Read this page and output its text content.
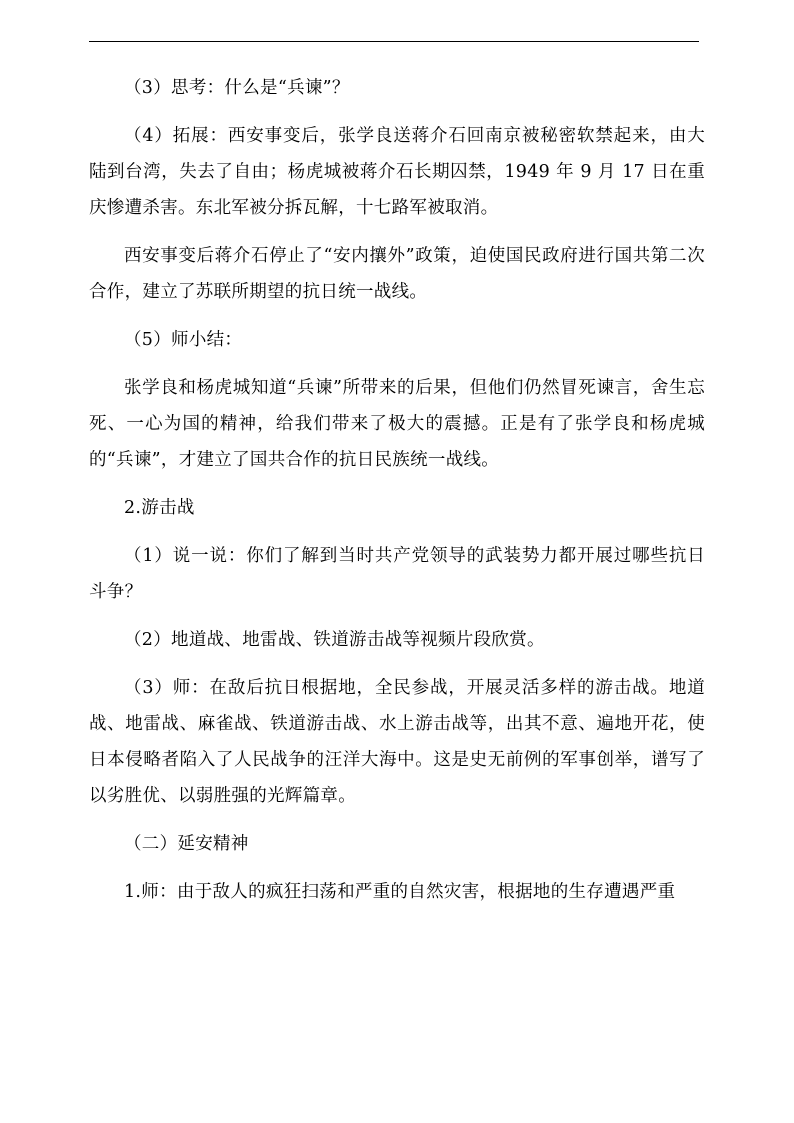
（3）思考：什么是“兵谏”？

（4）拓展：西安事变后，张学良送蒋介石回南京被秘密软禁起来，由大陆到台湾，失去了自由；杨虎城被蒋介石长期囚禁，1949 年 9 月 17 日在重庆惨遭杀害。东北军被分拆瓦解，十七路军被取消。

西安事变后蒋介石停止了“安内攘外”政策，迫使国民政府进行国共第二次合作，建立了苏联所期望的抗日统一战线。

（5）师小结：

张学良和杨虎城知道“兵谏”所带来的后果，但他们仍然冒死谏言，舍生忘死、一心为国的精神，给我们带来了极大的震撼。正是有了张学良和杨虎城的“兵谏”，才建立了国共合作的抗日民族统一战线。

2.游击战

（1）说一说：你们了解到当时共产党领导的武装势力都开展过哪些抗日斗争？

（2）地道战、地雷战、铁道游击战等视频片段欣赏。

（3）师：在敌后抗日根据地，全民参战，开展灵活多样的游击战。地道战、地雷战、麻雀战、铁道游击战、水上游击战等，出其不意、遍地开花，使日本侵略者陷入了人民战争的汪洋大海中。这是史无前例的军事创举，谱写了以劣胜优、以弱胜强的光辉篇章。

（二）延安精神

1.师：由于敌人的疯狂扫荡和严重的自然灾害，根据地的生存遭遇严重
